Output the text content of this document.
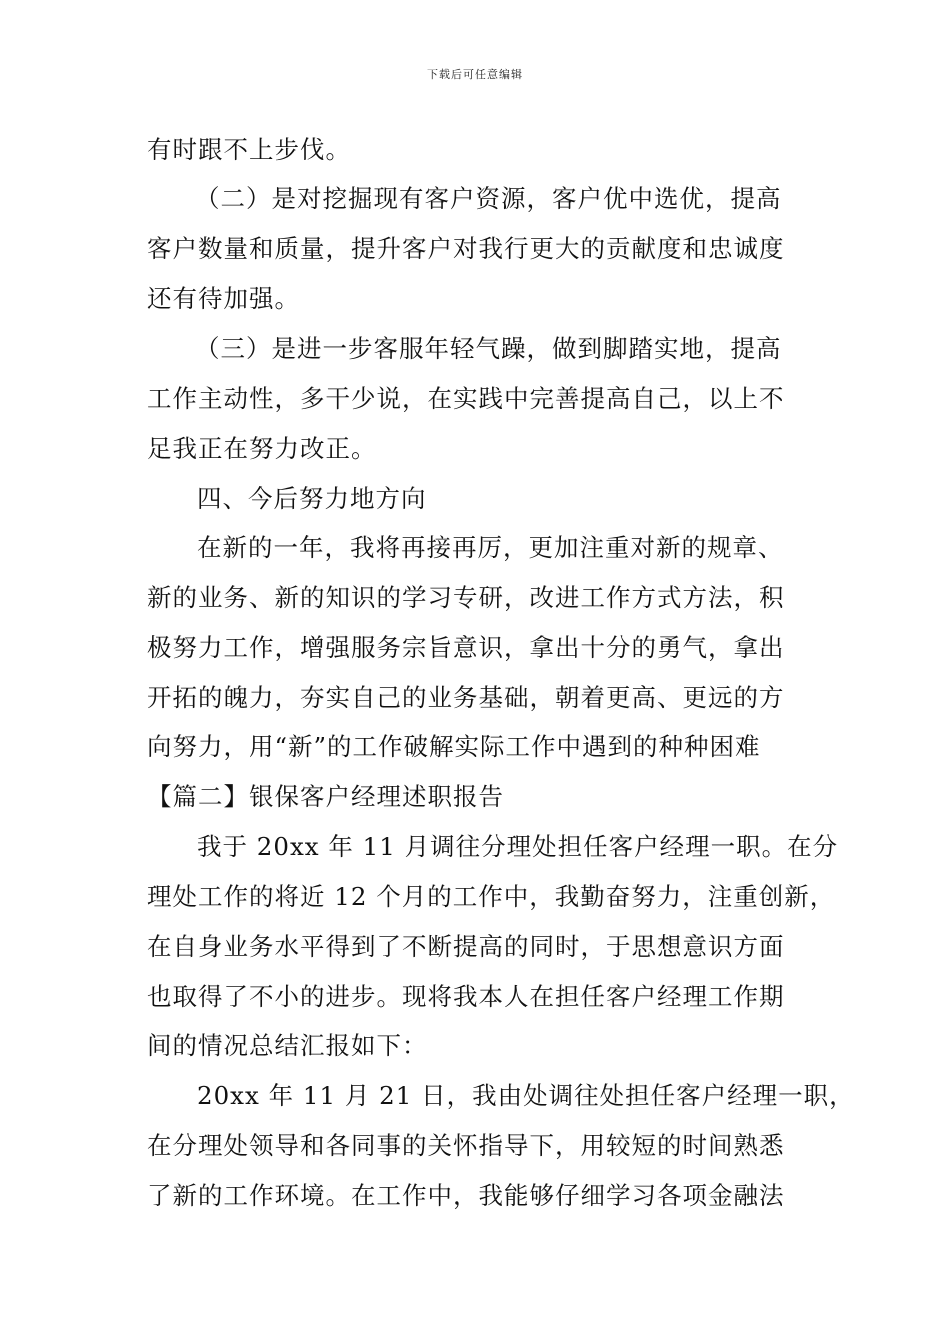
下载后可任意编辑
有时跟不上步伐。
（二）是对挖掘现有客户资源，客户优中选优，提高
客户数量和质量，提升客户对我行更大的贡献度和忠诚度
还有待加强。
（三）是进一步客服年轻气躁，做到脚踏实地，提高
工作主动性，多干少说，在实践中完善提高自己，以上不
足我正在努力改正。
四、今后努力地方向
在新的一年，我将再接再厉，更加注重对新的规章、
新的业务、新的知识的学习专研，改进工作方式方法，积
极努力工作，增强服务宗旨意识，拿出十分的勇气，拿出
开拓的魄力，夯实自己的业务基础，朝着更高、更远的方
向努力，用“新”的工作破解实际工作中遇到的种种困难
【篇二】银保客户经理述职报告
我于 20xx 年 11 月调往分理处担任客户经理一职。在分
理处工作的将近 12 个月的工作中，我勤奋努力，注重创新，
在自身业务水平得到了不断提高的同时，于思想意识方面
也取得了不小的进步。现将我本人在担任客户经理工作期
间的情况总结汇报如下：
20xx 年 11 月 21 日，我由处调往处担任客户经理一职，
在分理处领导和各同事的关怀指导下，用较短的时间熟悉
了新的工作环境。在工作中，我能够仔细学习各项金融法
